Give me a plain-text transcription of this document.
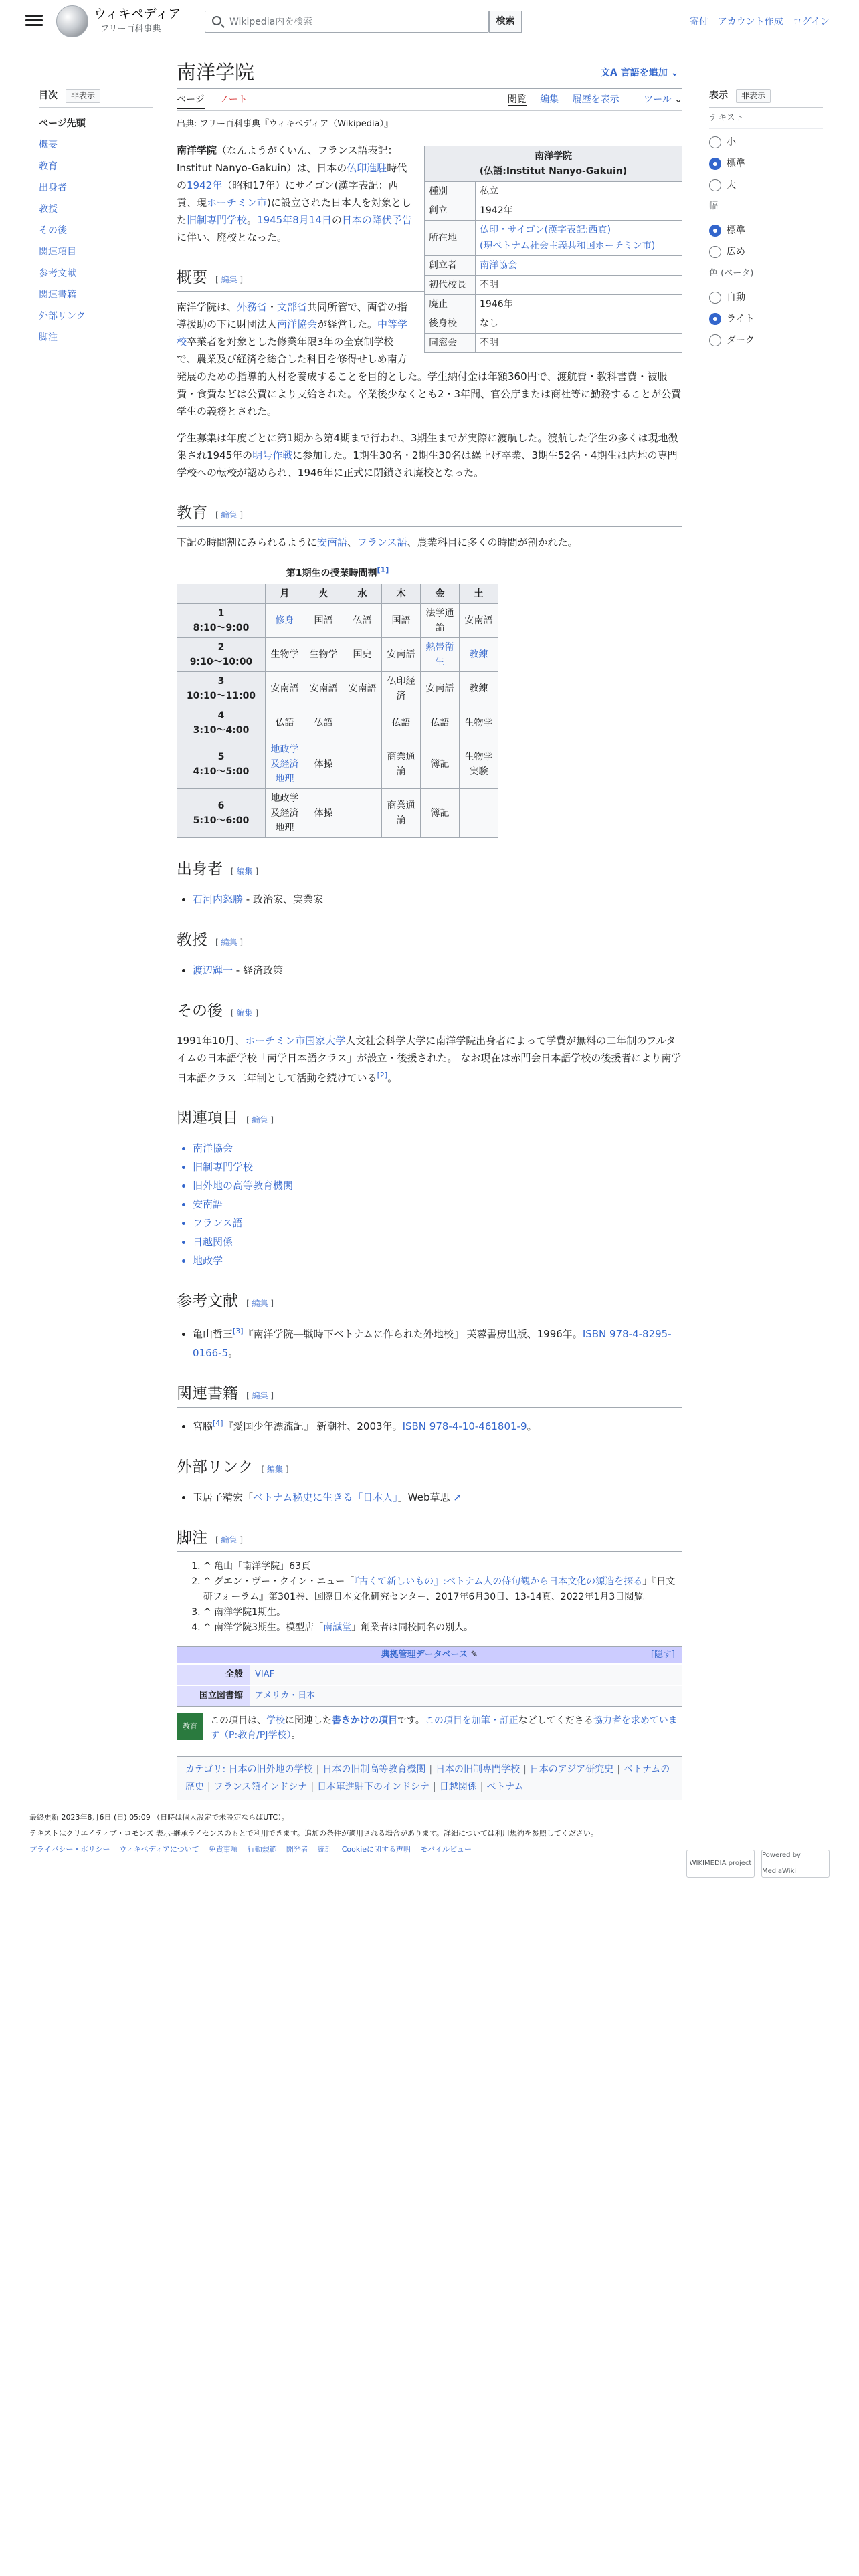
ウィキペディア
フリー百科事典
Wikipedia内を検索	検索	寄付 アカウント作成 ログイン
目次	非表示
ページ先頭
概要
教育
出身者
教授
その後
関連項目
参考文献
関連書籍
外部リンク
脚注
南洋学院	文A 言語を追加 ⌄
ページ ノート	閲覧 編集 履歴を表示	ツール ⌄
出典: フリー百科事典『ウィキペディア（Wikipedia）』
表示	非表示
テキスト
小
標準
大
幅
標準
広め
色 (ベータ)
自動
ライト
ダーク
南洋学院
(仏語:Institut Nanyo-Gakuin)	

種別	私立
創立	1942年
所在地	仏印・サイゴン(漢字表記:西貢)
(現ベトナム社会主義共和国ホーチミン市)

創立者	南洋協会
初代校長	不明
廃止	1946年
後身校	なし
同窓会	不明

南洋学院（なんようがくいん、フランス語表記：Institut Nanyo-Gakuin）は、日本の仏印進駐時代の1942年（昭和17年）にサイゴン(漢字表記：西貢、現ホーチミン市)に設立された日本人を対象とした旧制専門学校。1945年8月14日の日本の降伏予告に伴い、廃校となった。

概要 [ 編集 ]

南洋学院は、外務省・文部省共同所管で、両省の指導援助の下に財団法人南洋協会が経営した。中等学校卒業者を対象とした修業年限3年の全寮制学校で、農業及び経済を総合した科目を修得せしめ南方発展のための指導的人材を養成することを目的とした。学生納付金は年額360円で、渡航費・教科書費・被服費・食費などは公費により支給された。卒業後少なくとも2・3年間、官公庁または商社等に勤務することが公費学生の義務とされた。

学生募集は年度ごとに第1期から第4期まで行われ、3期生までが実際に渡航した。渡航した学生の多くは現地徴集され1945年の明号作戦に参加した。1期生30名・2期生30名は繰上げ卒業、3期生52名・4期生は内地の専門学校への転校が認められ、1946年に正式に閉鎖され廃校となった。

教育 [ 編集 ]

下記の時間割にみられるように安南語、フランス語、農業科目に多くの時間が割かれた。

第1期生の授業時間割[1]
	月	火	水	木	金	土

1
8:10〜9:00	修身	国語	仏語	国語	法学通論	安南語

2
9:10〜10:00	生物学	生物学	国史	安南語	熱帯衛生	教練

3
10:10〜11:00	安南語	安南語	安南語	仏印経済	安南語	教練

4
3:10〜4:00	仏語	仏語		仏語	仏語	生物学

5
4:10〜5:00	地政学及経済地理	体操		商業通論	簿記	生物学実験

6
5:10〜6:00	地政学及経済地理	体操		商業通論	簿記	
出身者 [ 編集 ]
• 石河内怒勝 - 政治家、実業家
教授 [ 編集 ]
• 渡辺輝一 - 経済政策
その後 [ 編集 ]

1991年10月、ホーチミン市国家大学人文社会科学大学に南洋学院出身者によって学費が無料の二年制のフルタイムの日本語学校「南学日本語クラス」が設立・後援された。 なお現在は赤門会日本語学校の後援者により南学日本語クラス二年制として活動を続けている[2]。

関連項目 [ 編集 ]
• 南洋協会
• 旧制専門学校
• 旧外地の高等教育機関
• 安南語
• フランス語
• 日越関係
• 地政学
参考文献 [ 編集 ]
• 亀山哲三[3]『南洋学院―戦時下ベトナムに作られた外地校』 芙蓉書房出版、1996年。ISBN 978-4-8295-0166-5。
関連書籍 [ 編集 ]
• 宮脇[4]『愛国少年漂流記』 新潮社、2003年。ISBN 978-4-10-461801-9。
外部リンク [ 編集 ]
• 玉居子精宏「ベトナム秘史に生きる「日本人」」Web草思 ↗
脚注 [ 編集 ]
1. ^ 亀山「南洋学院」63頁
2. ^ グエン・ヴー・クイン・ニュー「『古くて新しいもの』:ベトナム人の侍句観から日本文化の源造を探る」『日文研フォーラム』第301巻、国際日本文化研究センター、2017年6月30日、13-14頁、2022年1月3日閲覧。
3. ^ 南洋学院1期生。
4. ^ 南洋学院3期生。模型店「南誠堂」創業者は同校同名の別人。
典拠管理データベース ✎	[隠す]
全般	VIAF
国立図書館	アメリカ・日本
教育
この項目は、学校に関連した書きかけの項目です。この項目を加筆・訂正などしてくださる協力者を求めています（P:教育/PJ学校）。
カテゴリ: 日本の旧外地の学校 | 日本の旧制高等教育機関 | 日本の旧制専門学校 | 日本のアジア研究史 | ベトナムの歴史 | フランス領インドシナ | 日本軍進駐下のインドシナ | 日越関係 | ベトナム
最終更新 2023年8月6日 (日) 05:09 （日時は個人設定で未設定ならばUTC）。
テキストはクリエイティブ・コモンズ 表示-継承ライセンスのもとで利用できます。追加の条件が適用される場合があります。詳細については利用規約を参照してください。
プライバシー・ポリシー ウィキペディアについて 免責事項 行動規範 開発者 統計 Cookieに関する声明 モバイルビュー
WIKIMEDIA project
Powered by MediaWiki
